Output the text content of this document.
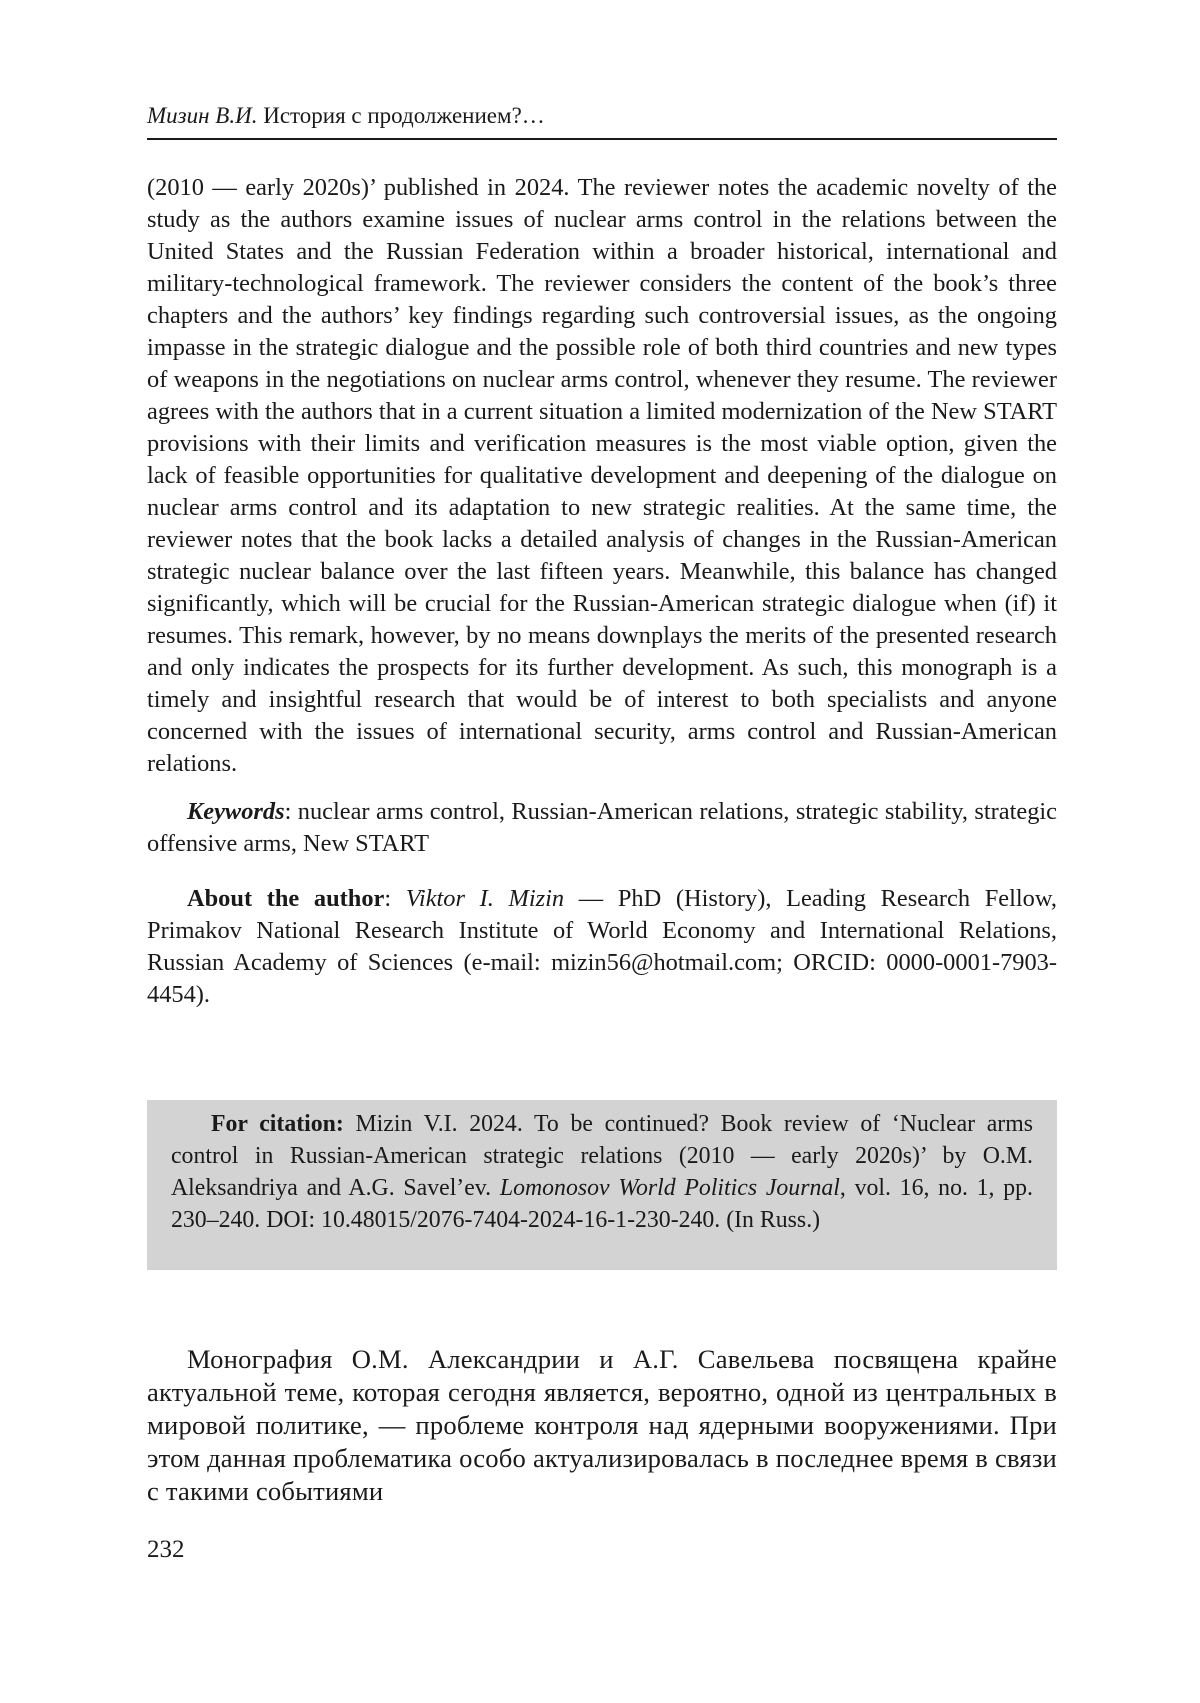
Мизин В.И. История с продолжением?…

(2010 — early 2020s)’ published in 2024. The reviewer notes the academic novelty of the study as the authors examine issues of nuclear arms control in the relations between the United States and the Russian Federation within a broader historical, international and military-technological framework. The reviewer considers the content of the book’s three chapters and the authors’ key findings regarding such controversial issues, as the ongoing impasse in the strategic dialogue and the possible role of both third countries and new types of weapons in the negotiations on nuclear arms control, whenever they resume. The reviewer agrees with the authors that in a current situation a limited modernization of the New START provisions with their limits and verification measures is the most viable option, given the lack of feasible opportunities for qualitative development and deepening of the dialogue on nuclear arms control and its adaptation to new strategic realities. At the same time, the reviewer notes that the book lacks a detailed analysis of changes in the Russian-American strategic nuclear balance over the last fifteen years. Meanwhile, this balance has changed significantly, which will be crucial for the Russian-American strategic dialogue when (if) it resumes. This remark, however, by no means downplays the merits of the presented research and only indicates the prospects for its further development. As such, this monograph is a timely and insightful research that would be of interest to both specialists and anyone concerned with the issues of international security, arms control and Russian-American relations.

Keywords: nuclear arms control, Russian-American relations, strategic stability, strategic offensive arms, New START

About the author: Viktor I. Mizin — PhD (History), Leading Research Fellow, Primakov National Research Institute of World Economy and International Relations, Russian Academy of Sciences (e-mail: mizin56@hotmail.com; ORCID: 0000-0001-7903-4454).

For citation: Mizin V.I. 2024. To be continued? Book review of ‘Nuclear arms control in Russian-American strategic relations (2010 — early 2020s)’ by O.M. Aleksandriya and A.G. Savel’ev. Lomonosov World Politics Journal, vol. 16, no. 1, pp. 230–240. DOI: 10.48015/2076-7404-2024-16-1-230-240. (In Russ.)

Монография О.М. Александрии и А.Г. Савельева посвящена крайне актуальной теме, которая сегодня является, вероятно, одной из центральных в мировой политике, — проблеме контроля над ядерными вооружениями. При этом данная проблематика особо актуализировалась в последнее время в связи с такими событиями

232
